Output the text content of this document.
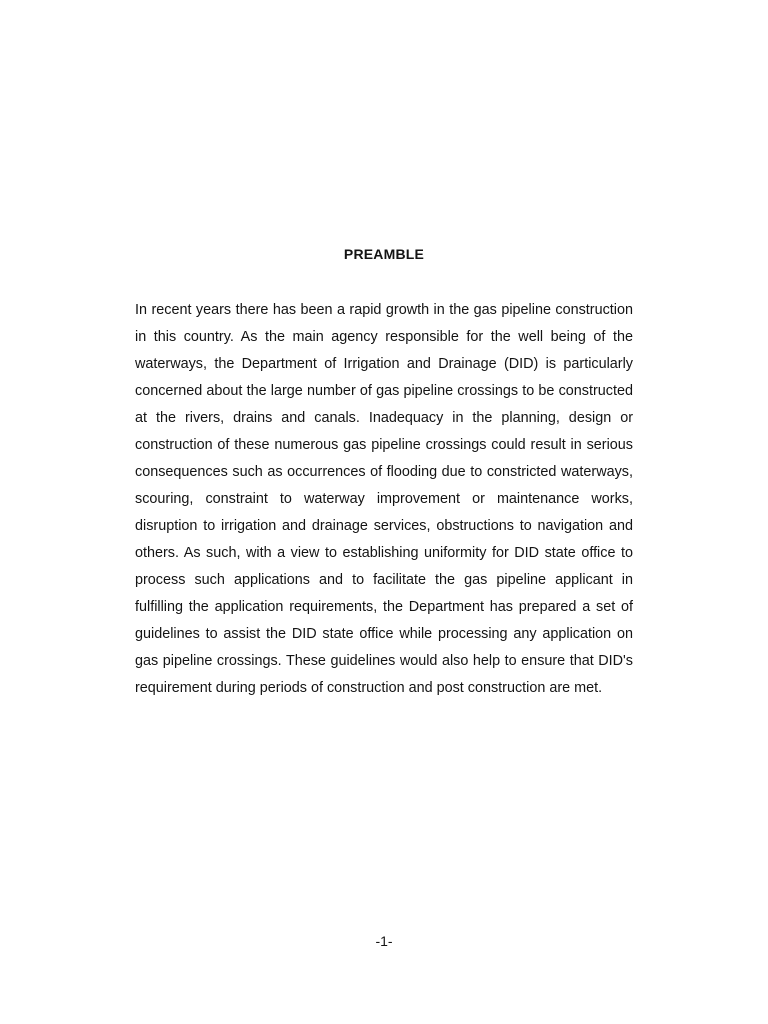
PREAMBLE

In recent years there has been a rapid growth in the gas pipeline construction in this country. As the main agency responsible for the well being of the waterways, the Department of Irrigation and Drainage (DID) is particularly concerned about the large number of gas pipeline crossings to be constructed at the rivers, drains and canals. Inadequacy in the planning, design or construction of these numerous gas pipeline crossings could result in serious consequences such as occurrences of flooding due to constricted waterways, scouring, constraint to waterway improvement or maintenance works, disruption to irrigation and drainage services, obstructions to navigation and others. As such, with a view to establishing uniformity for DID state office to process such applications and to facilitate the gas pipeline applicant in fulfilling the application requirements, the Department has prepared a set of guidelines to assist the DID state office while processing any application on gas pipeline crossings. These guidelines would also help to ensure that DID's requirement during periods of construction and post construction are met.

-1-
